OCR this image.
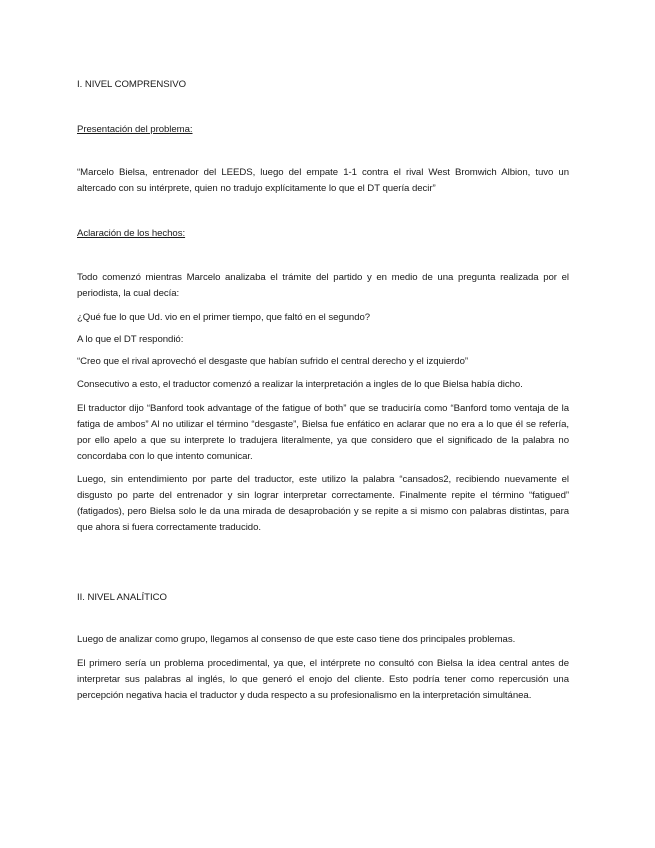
I. NIVEL COMPRENSIVO

Presentación del problema:

“Marcelo Bielsa, entrenador del LEEDS, luego del empate 1-1 contra el rival West Bromwich Albion, tuvo un altercado con su intérprete, quien no tradujo explícitamente lo que el DT quería decir”

Aclaración de los hechos:

Todo comenzó mientras Marcelo analizaba el trámite del partido y en medio de una pregunta realizada por el periodista, la cual decía:

¿Qué fue lo que Ud. vio en el primer tiempo, que faltó en el segundo?

A lo que el DT respondió:

“Creo que el rival aprovechó el desgaste que habían sufrido el central derecho y el izquierdo”

Consecutivo a esto, el traductor comenzó a realizar la interpretación a ingles de lo que Bielsa había dicho.

El traductor dijo “Banford took advantage of the fatigue of both” que se traduciría como “Banford tomo ventaja de la fatiga de ambos” Al no utilizar el término “desgaste”, Bielsa fue enfático en aclarar que no era a lo que él se refería, por ello apelo a que su interprete lo tradujera literalmente, ya que considero que el significado de la palabra no concordaba con lo que intento comunicar.

Luego, sin entendimiento por parte del traductor, este utilizo la palabra “cansados2, recibiendo nuevamente el disgusto po parte del entrenador y sin lograr interpretar correctamente. Finalmente repite el término “fatigued” (fatigados), pero Bielsa solo le da una mirada de desaprobación y se repite a si mismo con palabras distintas, para que ahora si fuera correctamente traducido.

II. NIVEL ANALÍTICO

Luego de analizar como grupo, llegamos al consenso de que este caso tiene dos principales problemas.

El primero sería un problema procedimental, ya que, el intérprete no consultó con Bielsa la idea central antes de interpretar sus palabras al inglés, lo que generó el enojo del cliente. Esto podría tener como repercusión una percepción negativa hacia el traductor y duda respecto a su profesionalismo en la interpretación simultánea.
